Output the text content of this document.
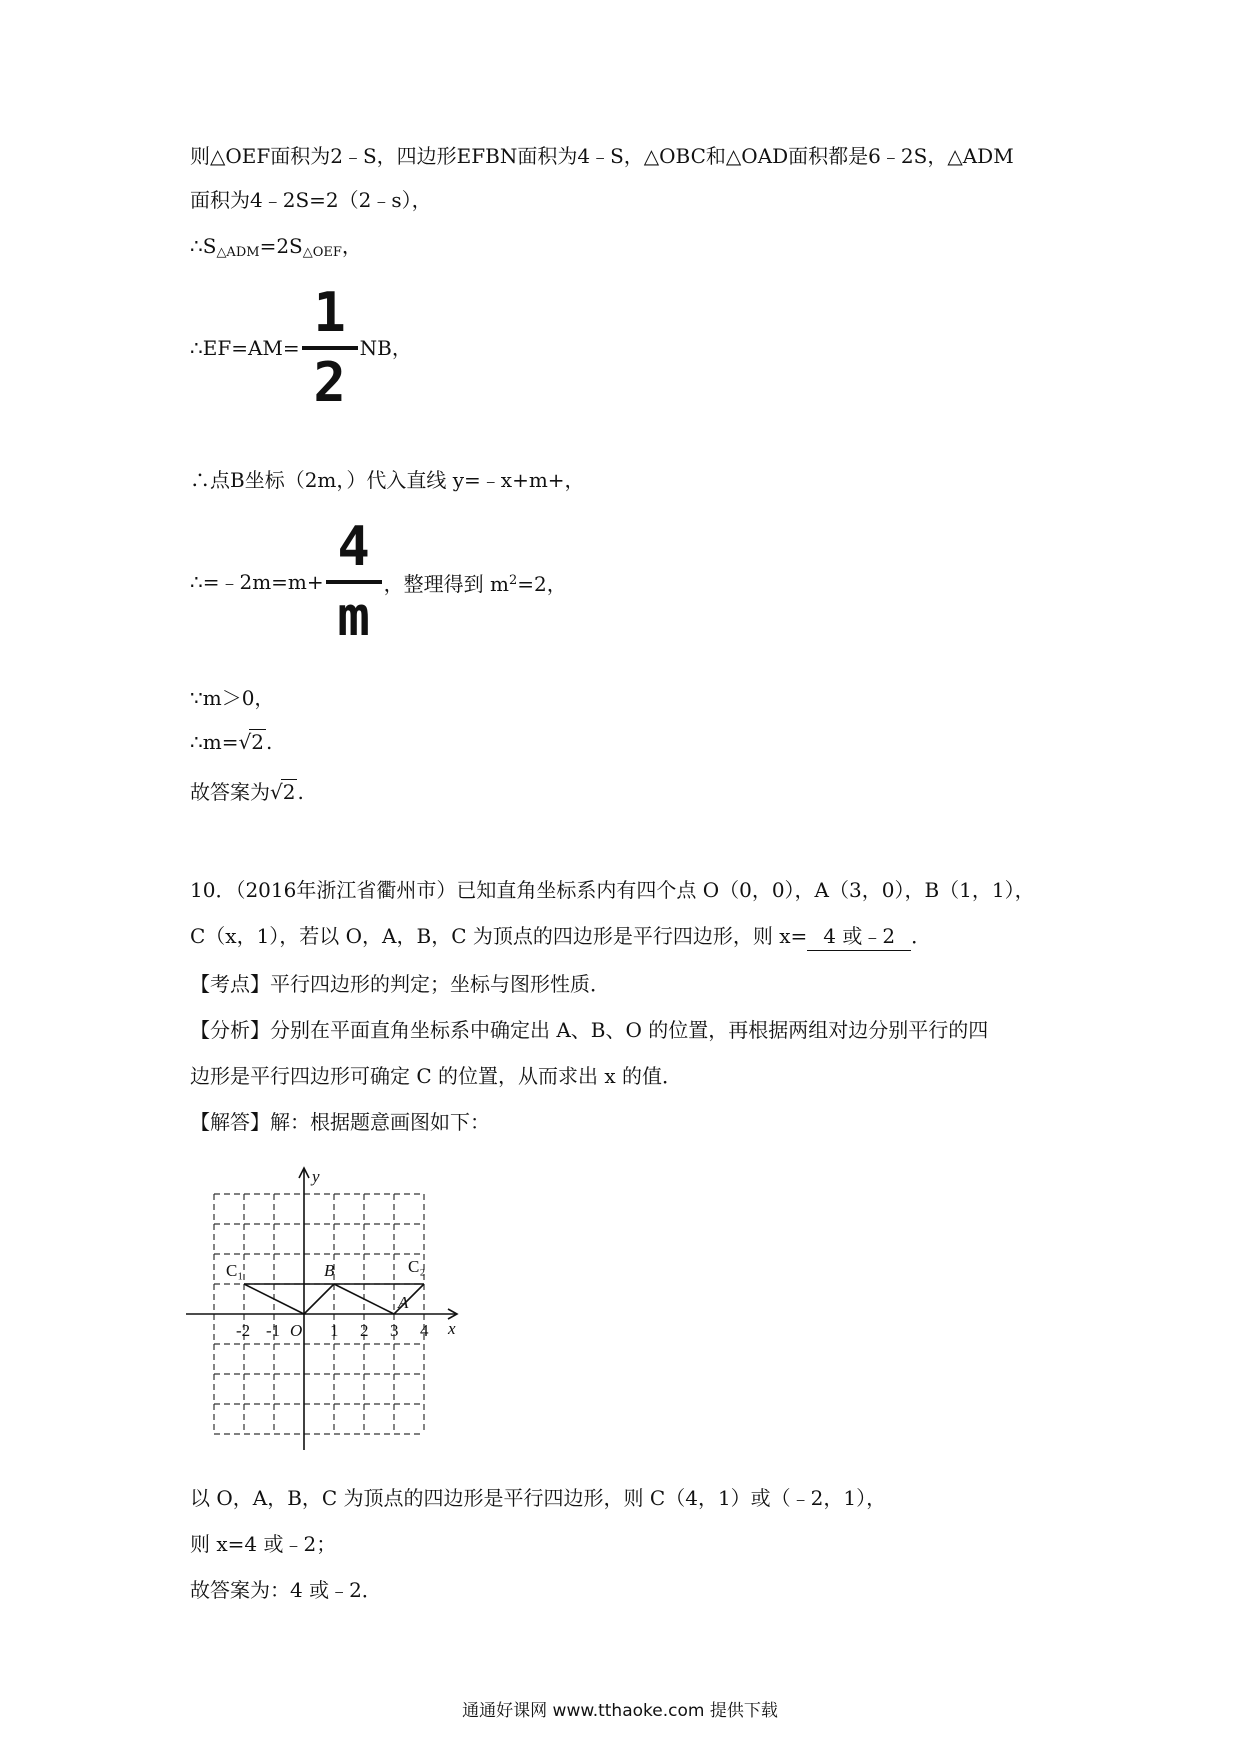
则△OEF面积为2﹣S，四边形EFBN面积为4﹣S，△OBC和△OAD面积都是6﹣2S，△ADM
面积为4﹣2S=2（2﹣s），
$\therefore S_{\triangle ADM}=2S_{\triangle OEF}$，
∴EF=AM= $\frac{1}{2}$ NB，
∴点B坐标（2m，）代入直线 y=﹣x+m+，
∴=﹣2m=m+ $\frac{4}{m}$ ，整理得到 $m^2=2$，
∵m＞0，
∴m=√2 .
故答案为√2 .
10．（2016年浙江省衢州市）已知直角坐标系内有四个点 O（0，0），A（3，0），B（1，1），
C（x，1），若以 O，A，B，C 为顶点的四边形是平行四边形，则 x= 4 或﹣2 ．
【考点】平行四边形的判定；坐标与图形性质．
【分析】分别在平面直角坐标系中确定出 A、B、O 的位置，再根据两组对边分别平行的四
边形是平行四边形可确定 C 的位置，从而求出 x 的值．
【解答】解：根据题意画图如下：
x
y
-2 -1	1 2 3 4
O
C₁	B	C₂
A
以 O，A，B，C 为顶点的四边形是平行四边形，则 C（4，1）或（﹣2，1），
则 x=4 或﹣2；
故答案为：4 或﹣2．
通通好课网 www.tthaoke.com 提供下载
